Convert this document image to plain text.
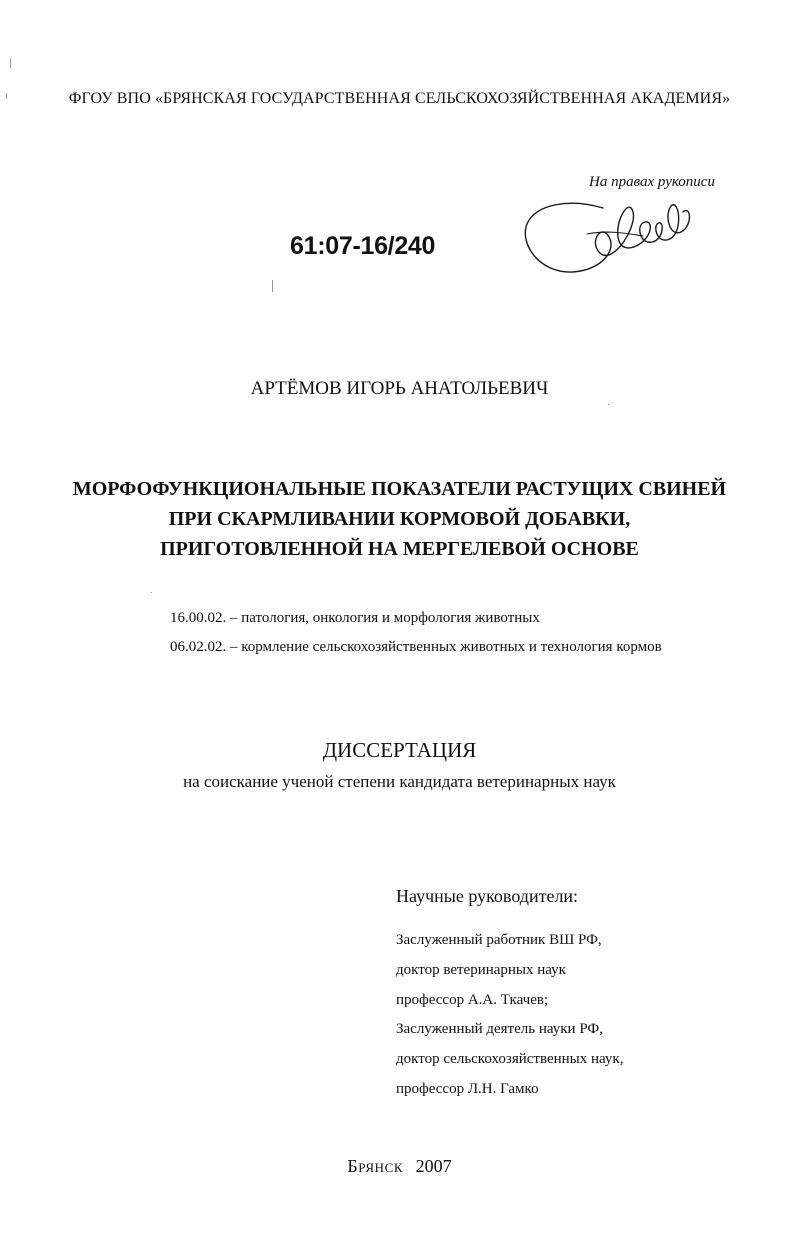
ФГОУ ВПО «БРЯНСКАЯ ГОСУДАРСТВЕННАЯ СЕЛЬСКОХОЗЯЙСТВЕННАЯ АКАДЕМИЯ»
На правах рукописи
61:07-16/240
АРТЁМОВ ИГОРЬ АНАТОЛЬЕВИЧ
МОРФОФУНКЦИОНАЛЬНЫЕ ПОКАЗАТЕЛИ РАСТУЩИХ СВИНЕЙ
ПРИ СКАРМЛИВАНИИ КОРМОВОЙ ДОБАВКИ,
ПРИГОТОВЛЕННОЙ НА МЕРГЕЛЕВОЙ ОСНОВЕ
16.00.02. – патология, онкология и морфология животных
06.02.02. – кормление сельскохозяйственных животных и технология кормов
ДИССЕРТАЦИЯ
на соискание ученой степени кандидата ветеринарных наук
Научные руководители:
Заслуженный работник ВШ РФ,
доктор ветеринарных наук
профессор А.А. Ткачев;
Заслуженный деятель науки РФ,
доктор сельскохозяйственных наук,
профессор Л.Н. Гамко
Брянск 2007
